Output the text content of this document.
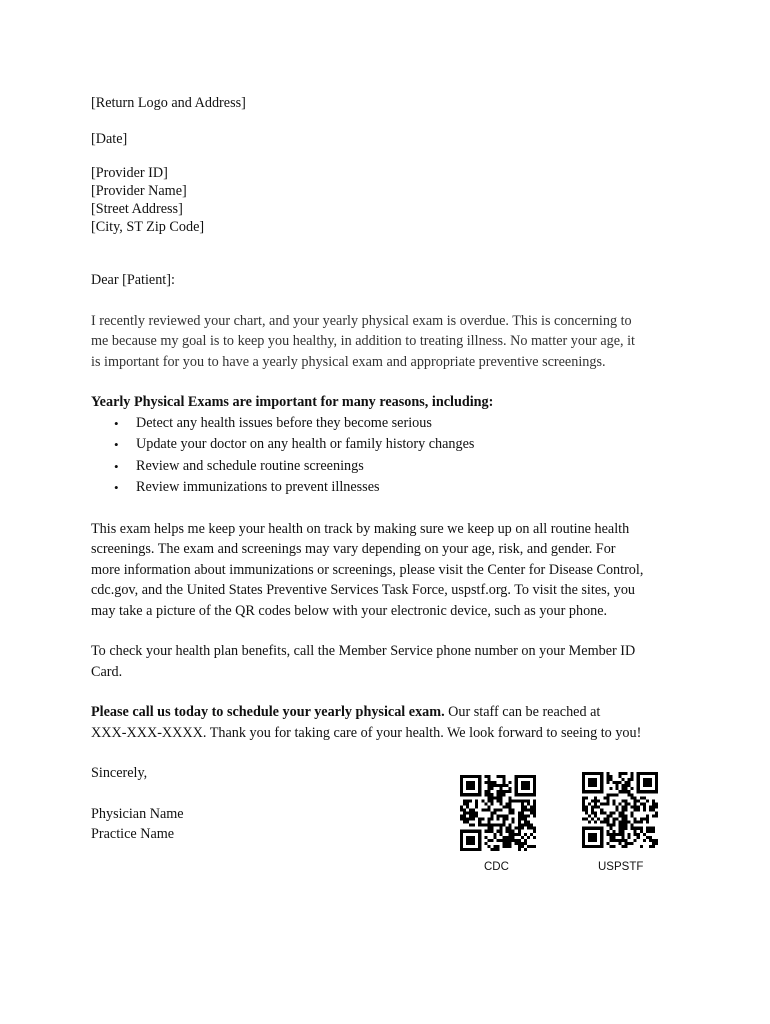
[Return Logo and Address]
[Date]
[Provider ID]
[Provider Name]
[Street Address]
[City, ST Zip Code]
Dear [Patient]:
I recently reviewed your chart, and your yearly physical exam is overdue. This is concerning to
me because my goal is to keep you healthy, in addition to treating illness. No matter your age, it
is important for you to have a yearly physical exam and appropriate preventive screenings.
Yearly Physical Exams are important for many reasons, including:
• Detect any health issues before they become serious
• Update your doctor on any health or family history changes
• Review and schedule routine screenings
• Review immunizations to prevent illnesses
This exam helps me keep your health on track by making sure we keep up on all routine health
screenings. The exam and screenings may vary depending on your age, risk, and gender. For
more information about immunizations or screenings, please visit the Center for Disease Control,
cdc.gov, and the United States Preventive Services Task Force, uspstf.org. To visit the sites, you
may take a picture of the QR codes below with your electronic device, such as your phone.
To check your health plan benefits, call the Member Service phone number on your Member ID
Card.
Please call us today to schedule your yearly physical exam. Our staff can be reached at
XXX-XXX-XXXX. Thank you for taking care of your health. We look forward to seeing to you!
Sincerely,
Physician Name
Practice Name
CDC	USPSTF
